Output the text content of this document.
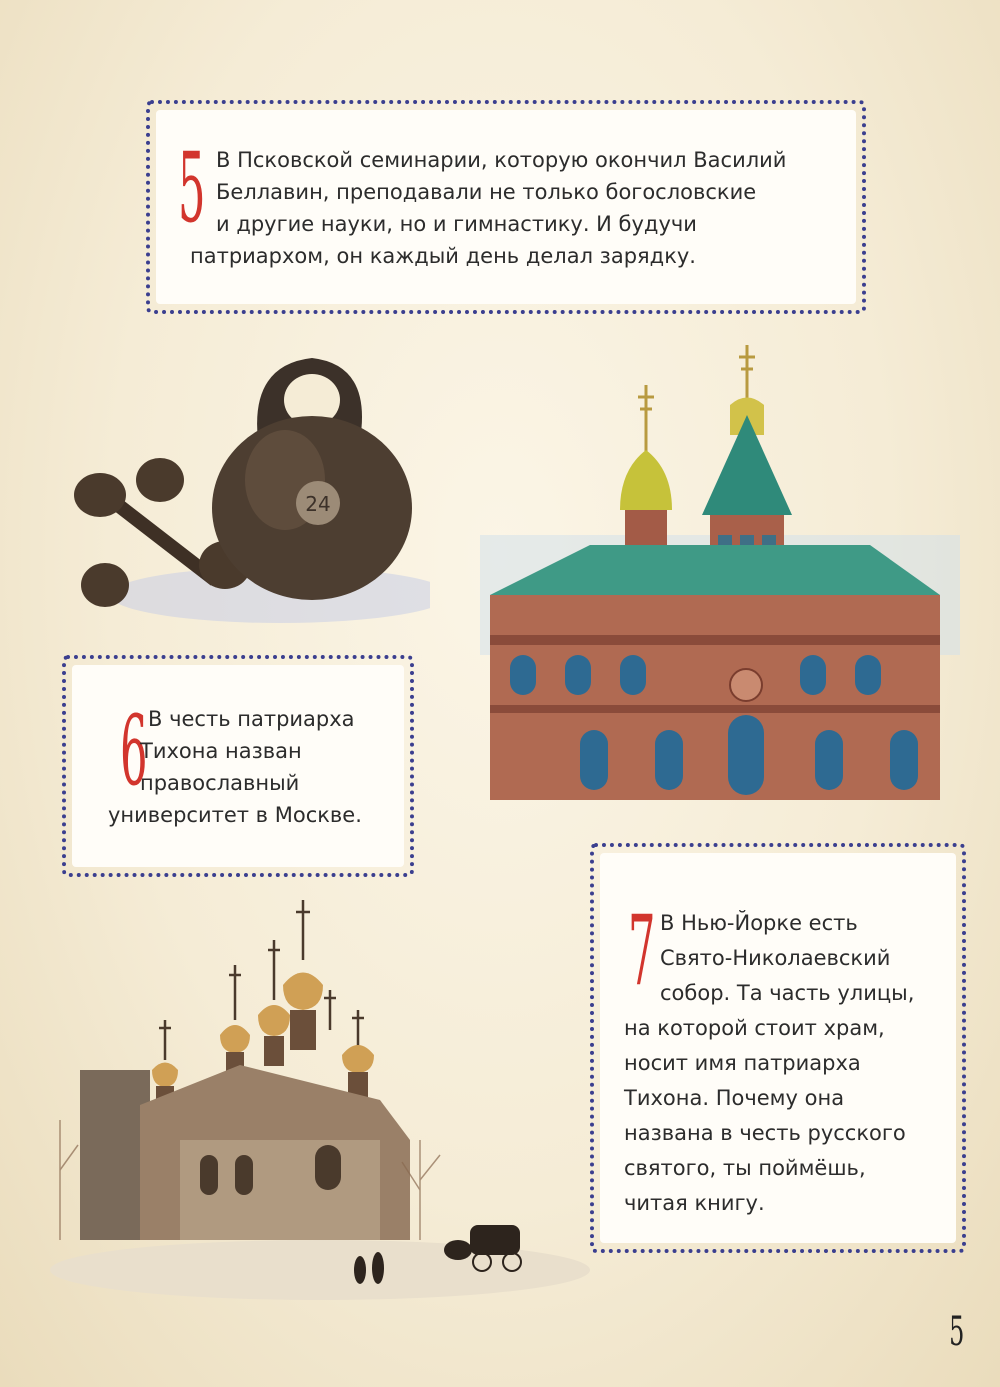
5 В Псковской семинарии, которую окончил Василий
Беллавин, преподавали не только богословские
и другие науки, но и гимнастику. И будучи
патриархом, он каждый день делал зарядку.
24
6 В честь патриарха
Тихона назван
православный
университет в Москве.
7 В Нью-Йорке есть
Свято-Николаевский
собор. Та часть улицы,
на которой стоит храм,
носит имя патриарха
Тихона. Почему она
названа в честь русского
святого, ты поймёшь,
читая книгу.
5
